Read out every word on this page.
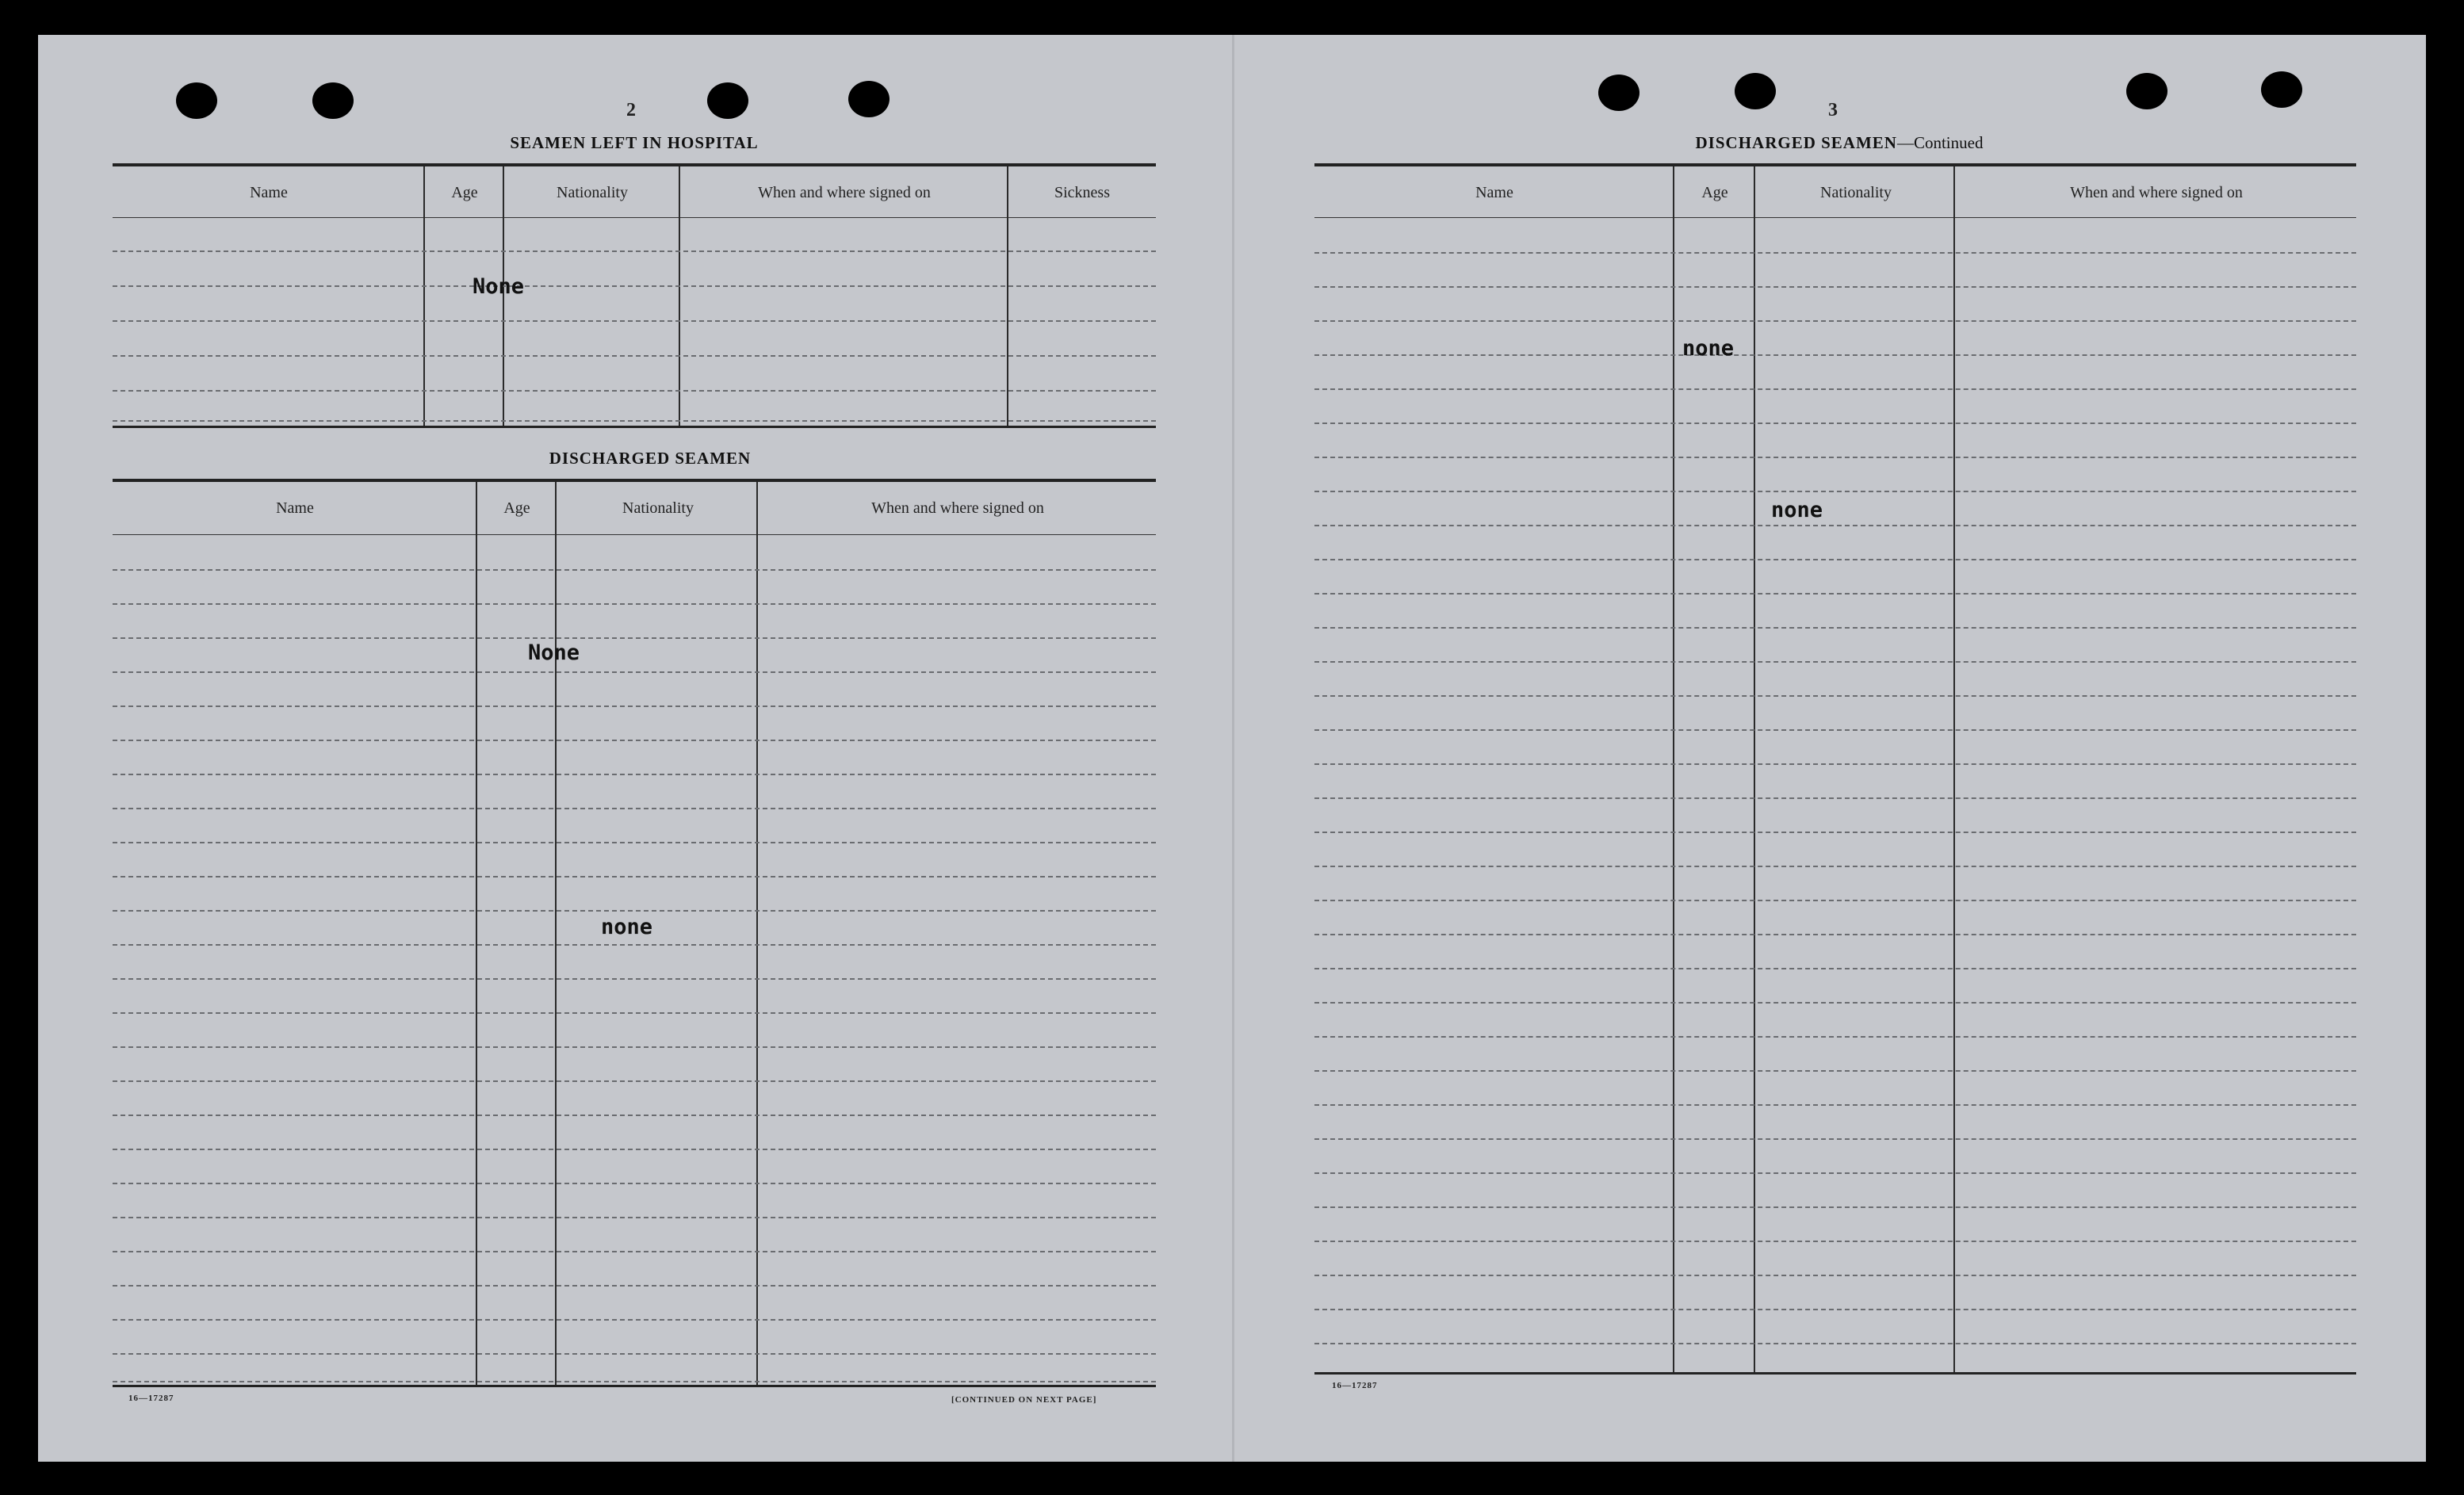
2
SEAMEN LEFT IN HOSPITAL
Name	Age	Nationality	When and where signed on	Sickness
None
DISCHARGED SEAMEN
Name	Age	Nationality	When and where signed on
None
none
16—17287	[CONTINUED ON NEXT PAGE]
3
DISCHARGED SEAMEN—Continued
Name	Age	Nationality	When and where signed on
none
none
16—17287
